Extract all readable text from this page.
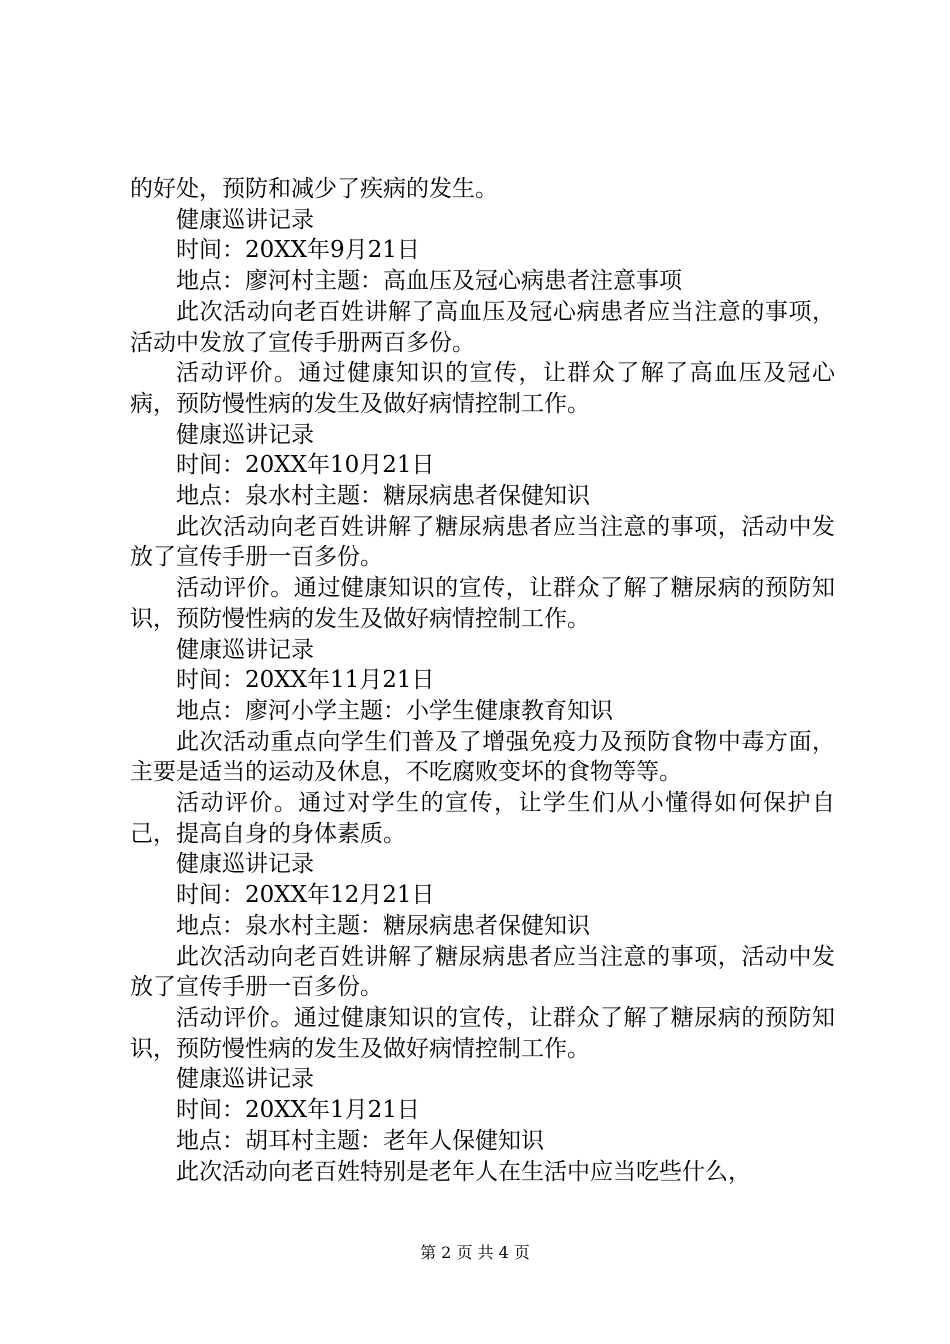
的好处，预防和减少了疾病的发生。

健康巡讲记录

时间：20XX年9月21日

地点：廖河村主题：高血压及冠心病患者注意事项

此次活动向老百姓讲解了高血压及冠心病患者应当注意的事项，活动中发放了宣传手册两百多份。

活动评价。通过健康知识的宣传，让群众了解了高血压及冠心病，预防慢性病的发生及做好病情控制工作。

健康巡讲记录

时间：20XX年10月21日

地点：泉水村主题：糖尿病患者保健知识

此次活动向老百姓讲解了糖尿病患者应当注意的事项，活动中发放了宣传手册一百多份。

活动评价。通过健康知识的宣传，让群众了解了糖尿病的预防知识，预防慢性病的发生及做好病情控制工作。

健康巡讲记录

时间：20XX年11月21日

地点：廖河小学主题：小学生健康教育知识

此次活动重点向学生们普及了增强免疫力及预防食物中毒方面，主要是适当的运动及休息，不吃腐败变坏的食物等等。

活动评价。通过对学生的宣传，让学生们从小懂得如何保护自己，提高自身的身体素质。

健康巡讲记录

时间：20XX年12月21日

地点：泉水村主题：糖尿病患者保健知识

此次活动向老百姓讲解了糖尿病患者应当注意的事项，活动中发放了宣传手册一百多份。

活动评价。通过健康知识的宣传，让群众了解了糖尿病的预防知识，预防慢性病的发生及做好病情控制工作。

健康巡讲记录

时间：20XX年1月21日

地点：胡耳村主题：老年人保健知识

此次活动向老百姓特别是老年人在生活中应当吃些什么，

第 2 页 共 4 页
